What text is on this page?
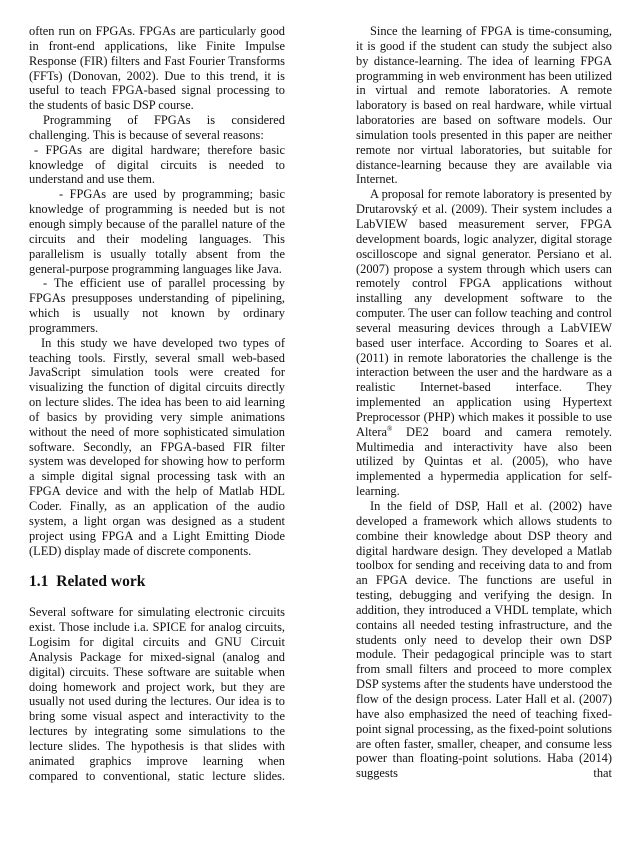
often run on FPGAs. FPGAs are particularly good in front-end applications, like Finite Impulse Response (FIR) filters and Fast Fourier Transforms (FFTs) (Donovan, 2002). Due to this trend, it is useful to teach FPGA-based signal processing to the students of basic DSP course.

Programming of FPGAs is considered challenging. This is because of several reasons:

- FPGAs are digital hardware; therefore basic knowledge of digital circuits is needed to understand and use them.

- FPGAs are used by programming; basic knowledge of programming is needed but is not enough simply because of the parallel nature of the circuits and their modeling languages. This parallelism is usually totally absent from the general-purpose programming languages like Java.

- The efficient use of parallel processing by FPGAs presupposes understanding of pipelining, which is usually not known by ordinary programmers.

In this study we have developed two types of teaching tools. Firstly, several small web-based JavaScript simulation tools were created for visualizing the function of digital circuits directly on lecture slides. The idea has been to aid learning of basics by providing very simple animations without the need of more sophisticated simulation software. Secondly, an FPGA-based FIR filter system was developed for showing how to perform a simple digital signal processing task with an FPGA device and with the help of Matlab HDL Coder. Finally, as an application of the audio system, a light organ was designed as a student project using FPGA and a Light Emitting Diode (LED) display made of discrete components.

1.1 Related work

Several software for simulating electronic circuits exist. Those include i.a. SPICE for analog circuits, Logisim for digital circuits and GNU Circuit Analysis Package for mixed-signal (analog and digital) circuits. These software are suitable when doing homework and project work, but they are usually not used during the lectures. Our idea is to bring some visual aspect and interactivity to the lectures by integrating some simulations to the lecture slides. The hypothesis is that slides with animated graphics improve learning when compared to conventional, static lecture slides.

Since the learning of FPGA is time-consuming, it is good if the student can study the subject also by distance-learning. The idea of learning FPGA programming in web environment has been utilized in virtual and remote laboratories. A remote laboratory is based on real hardware, while virtual laboratories are based on software models. Our simulation tools presented in this paper are neither remote nor virtual laboratories, but suitable for distance-learning because they are available via Internet.

A proposal for remote laboratory is presented by Drutarovský et al. (2009). Their system includes a LabVIEW based measurement server, FPGA development boards, logic analyzer, digital storage oscilloscope and signal generator. Persiano et al. (2007) propose a system through which users can remotely control FPGA applications without installing any development software to the computer. The user can follow teaching and control several measuring devices through a LabVIEW based user interface. According to Soares et al. (2011) in remote laboratories the challenge is the interaction between the user and the hardware as a realistic Internet-based interface. They implemented an application using Hypertext Preprocessor (PHP) which makes it possible to use Altera® DE2 board and camera remotely. Multimedia and interactivity have also been utilized by Quintas et al. (2005), who have implemented a hypermedia application for self-learning.

In the field of DSP, Hall et al. (2002) have developed a framework which allows students to combine their knowledge about DSP theory and digital hardware design. They developed a Matlab toolbox for sending and receiving data to and from an FPGA device. The functions are useful in testing, debugging and verifying the design. In addition, they introduced a VHDL template, which contains all needed testing infrastructure, and the students only need to develop their own DSP module. Their pedagogical principle was to start from small filters and proceed to more complex DSP systems after the students have understood the flow of the design process. Later Hall et al. (2007) have also emphasized the need of teaching fixed-point signal processing, as the fixed-point solutions are often faster, smaller, cheaper, and consume less power than floating-point solutions. Haba (2014) suggests that
